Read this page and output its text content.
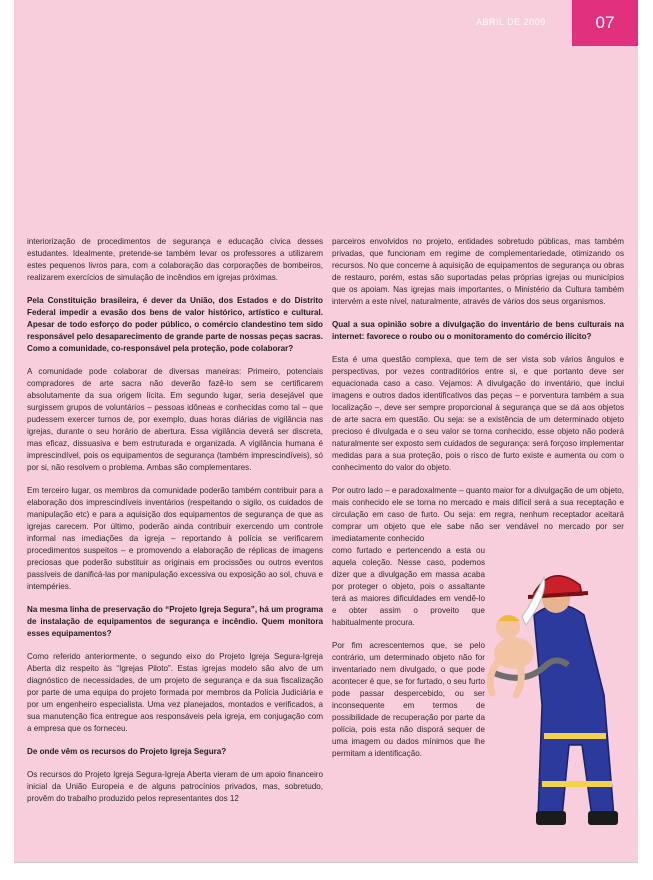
ABRIL DE 2009	07

interiorização de procedimentos de segurança e educação cívica desses estudantes. Idealmente, pretende-se também levar os professores a utilizarem estes pequenos livros para, com a colaboração das corporações de bombeiros, realizarem exercícios de simulação de incêndios em igrejas próximas.

Pela Constituição brasileira, é dever da União, dos Estados e do Distrito Federal impedir a evasão dos bens de valor histórico, artístico e cultural. Apesar de todo esforço do poder público, o comércio clandestino tem sido responsável pelo desaparecimento de grande parte de nossas peças sacras. Como a comunidade, co-responsável pela proteção, pode colaborar?

A comunidade pode colaborar de diversas maneiras: Primeiro, potenciais compradores de arte sacra não deverão fazê-lo sem se certificarem absolutamente da sua origem lícita. Em segundo lugar, seria desejável que surgissem grupos de voluntários – pessoas idôneas e conhecidas como tal – que pudessem exercer turnos de, por exemplo, duas horas diárias de vigilância nas igrejas, durante o seu horário de abertura. Essa vigilância deverá ser discreta, mas eficaz, dissuasiva e bem estruturada e organizada. A vigilância humana é imprescindível, pois os equipamentos de segurança (também imprescindíveis), só por si, não resolvem o problema. Ambas são complementares.

Em terceiro lugar, os membros da comunidade poderão também contribuir para a elaboração dos imprescindíveis inventários (respeitando o sigilo, os cuidados de manipulação etc) e para a aquisição dos equipamentos de segurança de que as igrejas carecem. Por último, poderão ainda contribuir exercendo um controle informal nas imediações da igreja – reportando à polícia se verificarem procedimentos suspeitos – e promovendo a elaboração de réplicas de imagens preciosas que poderão substituir as originais em procissões ou outros eventos passíveis de danificá-las por manipulação excessiva ou exposição ao sol, chuva e intempéries.

Na mesma linha de preservação do “Projeto Igreja Segura”, há um programa de instalação de equipamentos de segurança e incêndio. Quem monitora esses equipamentos?

Como referido anteriormente, o segundo eixo do Projeto Igreja Segura-Igreja Aberta diz respeito às “Igrejas Piloto”. Estas igrejas modelo são alvo de um diagnóstico de necessidades, de um projeto de segurança e da sua fiscalização por parte de uma equipa do projeto formada por membros da Polícia Judiciária e por um engenheiro especialista. Uma vez planejados, montados e verificados, a sua manutenção fica entregue aos responsáveis pela igreja, em conjugação com a empresa que os forneceu.

De onde vêm os recursos do Projeto Igreja Segura?

Os recursos do Projeto Igreja Segura-Igreja Aberta vieram de um apoio financeiro inicial da União Europeia e de alguns patrocínios privados, mas, sobretudo, provêm do trabalho produzido pelos representantes dos 12

parceiros envolvidos no projeto, entidades sobretudo públicas, mas também privadas, que funcionam em regime de complementariedade, otimizando os recursos. No que concerne à aquisição de equipamentos de segurança ou obras de restauro, porém, estas são suportadas pelas próprias igrejas ou municípios que os apoiam. Nas igrejas mais importantes, o Ministério da Cultura também intervém a este nível, naturalmente, através de vários dos seus organismos.

Qual a sua opinião sobre a divulgação do inventário de bens culturais na internet: favorece o roubo ou o monitoramento do comércio ilícito?

Esta é uma questão complexa, que tem de ser vista sob vários ângulos e perspectivas, por vezes contraditórios entre si, e que portanto deve ser equacionada caso a caso. Vejamos: A divulgação do inventário, que inclui imagens e outros dados identificativos das peças – e porventura também a sua localização –, deve ser sempre proporcional à segurança que se dá aos objetos de arte sacra em questão. Ou seja: se a existência de um determinado objeto precioso é divulgada e o seu valor se torna conhecido, esse objeto não poderá naturalmente ser exposto sem cuidados de segurança: será forçoso implementar medidas para a sua proteção, pois o risco de furto existe e aumenta ou com o conhecimento do valor do objeto.

Por outro lado – e paradoxalmente – quanto maior for a divulgação de um objeto, mais conhecido ele se torna no mercado e mais difícil será a sua receptação e circulação em caso de furto. Ou seja: em regra, nenhum receptador aceitará comprar um objeto que ele sabe não ser vendável no mercado por ser imediatamente conhecido

como furtado e pertencendo a esta ou aquela coleção. Nesse caso, podemos dizer que a divulgação em massa acaba por proteger o objeto, pois o assaltante terá as maiores dificuldades em vendê-lo e obter assim o proveito que habitualmente procura.

Por fim acrescentemos que, se pelo contrário, um determinado objeto não for inventariado nem divulgado, o que pode acontecer é que, se for furtado, o seu furto pode passar despercebido, ou ser inconsequente em termos de possibilidade de recuperação por parte da polícia, pois esta não disporá sequer de uma imagem ou dados mínimos que lhe permitam a identificação.
